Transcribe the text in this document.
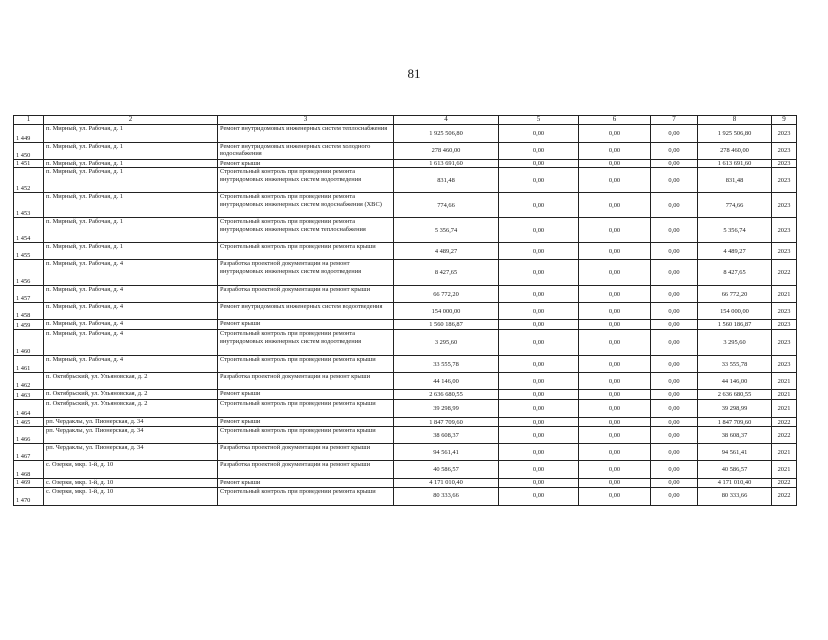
81
1	2	3	4	5	6	7	8	9
1 449	п. Мирный, ул. Рабочая, д. 1	Ремонт внутридомовых инженерных систем теплоснабжения	1 925 506,80	0,00	0,00	0,00	1 925 506,80	2023
1 450	п. Мирный, ул. Рабочая, д. 1	Ремонт внутридомовых инженерных систем холодного водоснабжения	278 460,00	0,00	0,00	0,00	278 460,00	2023
1 451	п. Мирный, ул. Рабочая, д. 1	Ремонт крыши	1 613 691,60	0,00	0,00	0,00	1 613 691,60	2023
1 452	п. Мирный, ул. Рабочая, д. 1	Строительный контроль при проведении ремонта внутридомовых инженерных систем водоотведения	831,48	0,00	0,00	0,00	831,48	2023
1 453	п. Мирный, ул. Рабочая, д. 1	Строительный контроль при проведении ремонта внутридомовых инженерных систем водоснабжения (ХВС)	774,66	0,00	0,00	0,00	774,66	2023
1 454	п. Мирный, ул. Рабочая, д. 1	Строительный контроль при проведении ремонта внутридомовых инженерных систем теплоснабжения	5 356,74	0,00	0,00	0,00	5 356,74	2023
1 455	п. Мирный, ул. Рабочая, д. 1	Строительный контроль при проведении ремонта крыши	4 489,27	0,00	0,00	0,00	4 489,27	2023
1 456	п. Мирный, ул. Рабочая, д. 4	Разработка проектной документации на ремонт внутридомовых инженерных систем водоотведения	8 427,65	0,00	0,00	0,00	8 427,65	2022
1 457	п. Мирный, ул. Рабочая, д. 4	Разработка проектной документации на ремонт крыши	66 772,20	0,00	0,00	0,00	66 772,20	2021
1 458	п. Мирный, ул. Рабочая, д. 4	Ремонт внутридомовых инженерных систем водоотведения	154 000,00	0,00	0,00	0,00	154 000,00	2023
1 459	п. Мирный, ул. Рабочая, д. 4	Ремонт крыши	1 560 186,87	0,00	0,00	0,00	1 560 186,87	2023
1 460	п. Мирный, ул. Рабочая, д. 4	Строительный контроль при проведении ремонта внутридомовых инженерных систем водоотведения	3 295,60	0,00	0,00	0,00	3 295,60	2023
1 461	п. Мирный, ул. Рабочая, д. 4	Строительный контроль при проведении ремонта крыши	33 555,78	0,00	0,00	0,00	33 555,78	2023
1 462	п. Октябрьский, ул. Ульяновская, д. 2	Разработка проектной документации на ремонт крыши	44 146,00	0,00	0,00	0,00	44 146,00	2021
1 463	п. Октябрьский, ул. Ульяновская, д. 2	Ремонт крыши	2 636 680,55	0,00	0,00	0,00	2 636 680,55	2021
1 464	п. Октябрьский, ул. Ульяновская, д. 2	Строительный контроль при проведении ремонта крыши	39 298,99	0,00	0,00	0,00	39 298,99	2021
1 465	рп. Чердаклы, ул. Пионерская, д. 34	Ремонт крыши	1 847 709,60	0,00	0,00	0,00	1 847 709,60	2022
1 466	рп. Чердаклы, ул. Пионерская, д. 34	Строительный контроль при проведении ремонта крыши	38 608,37	0,00	0,00	0,00	38 608,37	2022
1 467	рп. Чердаклы, ул. Пионерская, д. 34	Разработка проектной документации на ремонт крыши	94 561,41	0,00	0,00	0,00	94 561,41	2021
1 468	с. Озерки, мкр. 1-й, д. 10	Разработка проектной документации на ремонт крыши	40 586,57	0,00	0,00	0,00	40 586,57	2021
1 469	с. Озерки, мкр. 1-й, д. 10	Ремонт крыши	4 171 010,40	0,00	0,00	0,00	4 171 010,40	2022
1 470	с. Озерки, мкр. 1-й, д. 10	Строительный контроль при проведении ремонта крыши	80 333,66	0,00	0,00	0,00	80 333,66	2022
